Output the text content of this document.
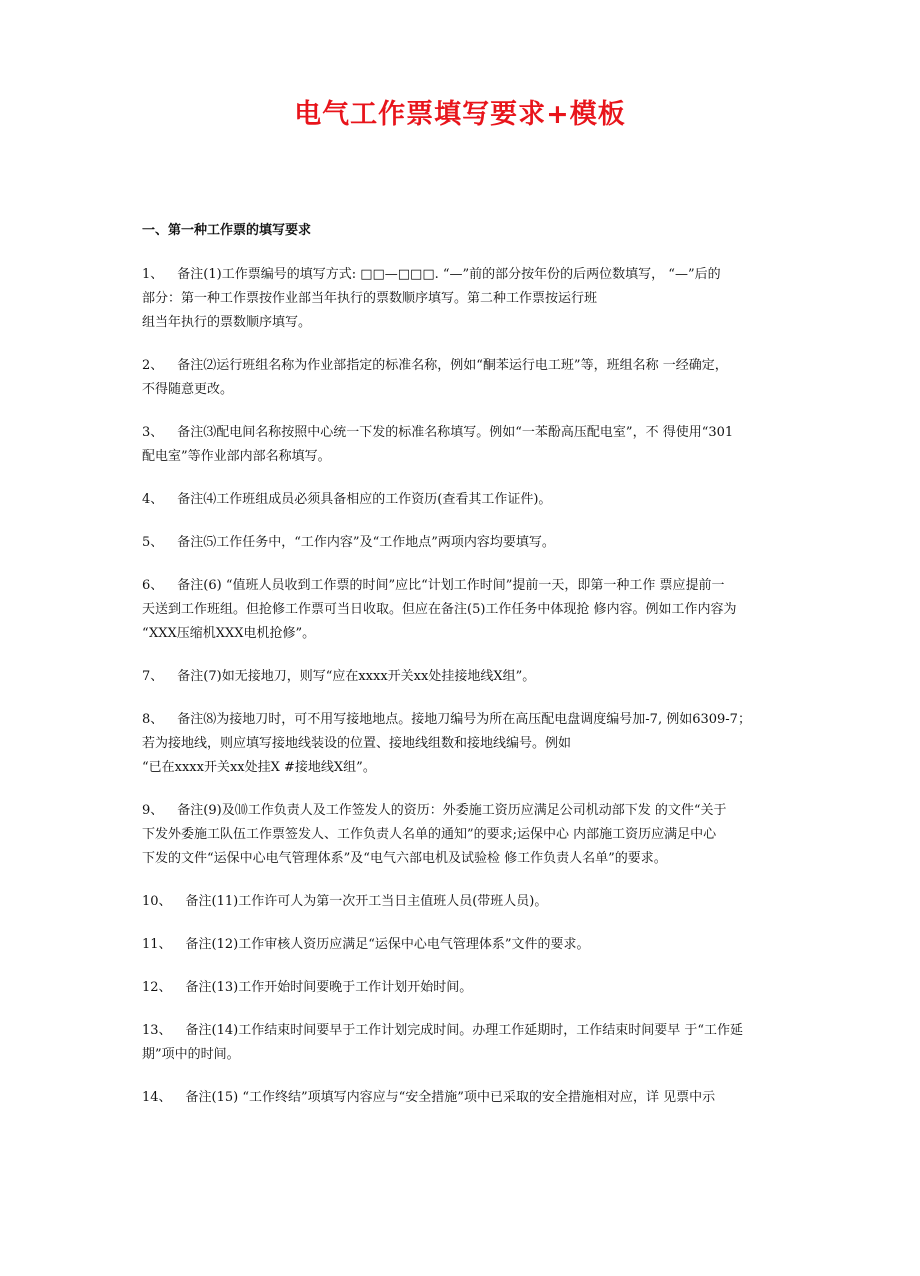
电气工作票填写要求+模板
一、第一种工作票的填写要求
1、 备注(1)工作票编号的填写方式: □□—□□□. “—”前的部分按年份的后两位数填写， “—”后的
部分：第一种工作票按作业部当年执行的票数顺序填写。第二种工作票按运行班
组当年执行的票数顺序填写。
2、 备注⑵运行班组名称为作业部指定的标准名称，例如“酮苯运行电工班”等，班组名称 一经确定，
不得随意更改。
3、 备注⑶配电间名称按照中心统一下发的标准名称填写。例如“一苯酚高压配电室”，不 得使用“301
配电室”等作业部内部名称填写。
4、 备注⑷工作班组成员必须具备相应的工作资历(查看其工作证件)。
5、 备注⑸工作任务中，“工作内容”及“工作地点”两项内容均要填写。
6、 备注(6) “值班人员收到工作票的时间”应比“计划工作时间”提前一天，即第一种工作 票应提前一
天送到工作班组。但抢修工作票可当日收取。但应在备注(5)工作任务中体现抢 修内容。例如工作内容为
“XXX压缩机XXX电机抢修”。
7、 备注(7)如无接地刀，则写“应在xxxx开关xx处挂接地线X组”。
8、 备注⑻为接地刀时，可不用写接地地点。接地刀编号为所在高压配电盘调度编号加-7, 例如6309-7；
若为接地线，则应填写接地线装设的位置、接地线组数和接地线编号。例如
“已在xxxx开关xx处挂X #接地线X组”。
9、 备注(9)及⑽工作负责人及工作签发人的资历：外委施工资历应满足公司机动部下发 的文件“关于
下发外委施工队伍工作票签发人、工作负责人名单的通知”的要求;运保中心 内部施工资历应满足中心
下发的文件“运保中心电气管理体系”及“电气六部电机及试验检 修工作负责人名单”的要求。
10、 备注(11)工作许可人为第一次开工当日主值班人员(带班人员)。
11、 备注(12)工作审核人资历应满足“运保中心电气管理体系”文件的要求。
12、 备注(13)工作开始时间要晚于工作计划开始时间。
13、 备注(14)工作结束时间要早于工作计划完成时间。办理工作延期时，工作结束时间要早 于“工作延
期”项中的时间。
14、 备注(15) “工作终结”项填写内容应与“安全措施”项中已采取的安全措施相对应，详 见票中示
